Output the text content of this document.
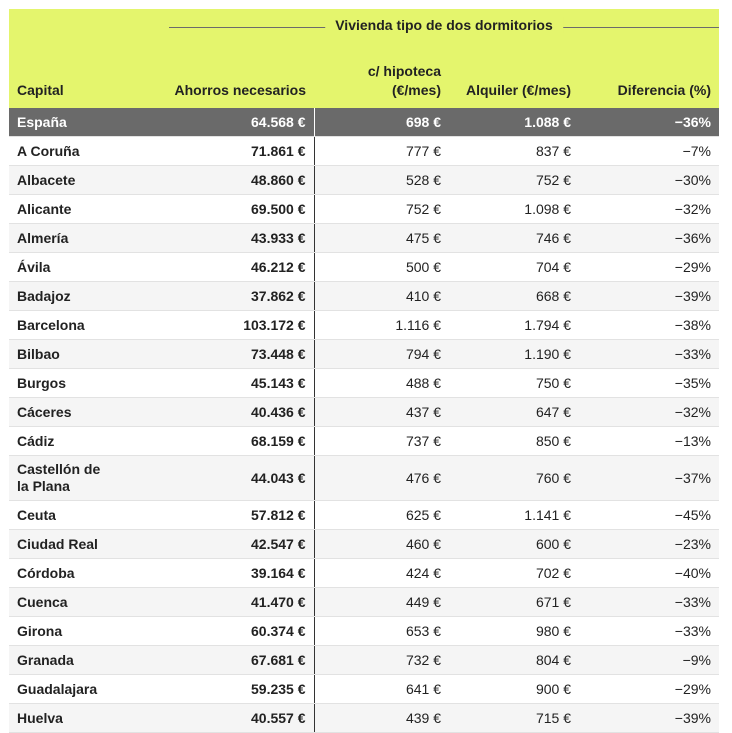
Vivienda tipo de dos dormitorios				

Capital	Ahorros necesarios	c/ hipoteca (€/mes)	Alquiler (€/mes)	Diferencia (%)
España	64.568 €	698 €	1.088 €	−36%
A Coruña	71.861 €	777 €	837 €	−7%
Albacete	48.860 €	528 €	752 €	−30%
Alicante	69.500 €	752 €	1.098 €	−32%
Almería	43.933 €	475 €	746 €	−36%
Ávila	46.212 €	500 €	704 €	−29%
Badajoz	37.862 €	410 €	668 €	−39%
Barcelona	103.172 €	1.116 €	1.794 €	−38%
Bilbao	73.448 €	794 €	1.190 €	−33%
Burgos	45.143 €	488 €	750 €	−35%
Cáceres	40.436 €	437 €	647 €	−32%
Cádiz	68.159 €	737 €	850 €	−13%
Castellón de la Plana	44.043 €	476 €	760 €	−37%
Ceuta	57.812 €	625 €	1.141 €	−45%
Ciudad Real	42.547 €	460 €	600 €	−23%
Córdoba	39.164 €	424 €	702 €	−40%
Cuenca	41.470 €	449 €	671 €	−33%
Girona	60.374 €	653 €	980 €	−33%
Granada	67.681 €	732 €	804 €	−9%
Guadalajara	59.235 €	641 €	900 €	−29%
Huelva	40.557 €	439 €	715 €	−39%
